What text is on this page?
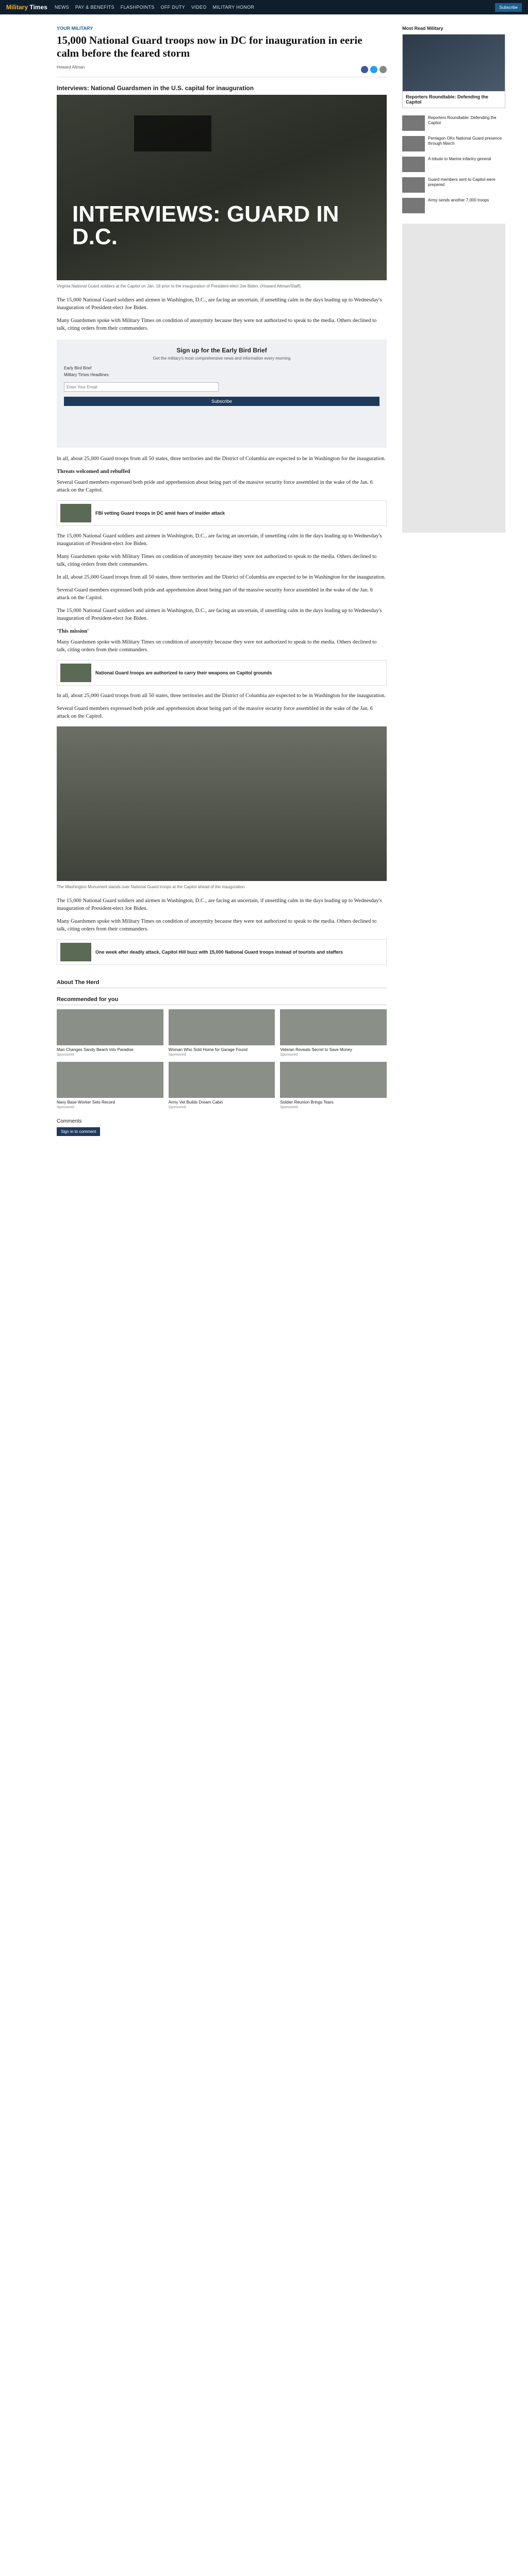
Military Times NEWS PAY & BENEFITS FLASHPOINTS OFF DUTY VIDEO MILITARY HONOR	Subscribe
YOUR MILITARY
15,000 National Guard troops now in DC for inauguration in eerie calm before the feared storm
Howard Altman
Interviews: National Guardsmen in the U.S. capital for inauguration
INTERVIEWS: GUARD IN D.C.
Virginia National Guard soldiers at the Capitol on Jan. 18 prior to the inauguration of President-elect Joe Biden. (Howard Altman/Staff)

The 15,000 National Guard soldiers and airmen in Washington, D.C., are facing an uncertain, if unsettling calm in the days leading up to Wednesday's inauguration of President-elect Joe Biden.

Many Guardsmen spoke with Military Times on condition of anonymity because they were not authorized to speak to the media. Others declined to talk, citing orders from their commanders.

Sign up for the Early Bird Brief
Get the military's most comprehensive news and information every morning
Early Bird Brief
Military Times Headlines
Enter Your Email
Subscribe

In all, about 25,000 Guard troops from all 50 states, three territories and the District of Columbia are expected to be in Washington for the inauguration.

Threats welcomed and rebuffed

Several Guard members expressed both pride and apprehension about being part of the massive security force assembled in the wake of the Jan. 6 attack on the Capitol.

FBI vetting Guard troops in DC amid fears of insider attack

The 15,000 National Guard soldiers and airmen in Washington, D.C., are facing an uncertain, if unsettling calm in the days leading up to Wednesday's inauguration of President-elect Joe Biden.

Many Guardsmen spoke with Military Times on condition of anonymity because they were not authorized to speak to the media. Others declined to talk, citing orders from their commanders.

In all, about 25,000 Guard troops from all 50 states, three territories and the District of Columbia are expected to be in Washington for the inauguration.

Several Guard members expressed both pride and apprehension about being part of the massive security force assembled in the wake of the Jan. 6 attack on the Capitol.

The 15,000 National Guard soldiers and airmen in Washington, D.C., are facing an uncertain, if unsettling calm in the days leading up to Wednesday's inauguration of President-elect Joe Biden.

'This mission'

Many Guardsmen spoke with Military Times on condition of anonymity because they were not authorized to speak to the media. Others declined to talk, citing orders from their commanders.

National Guard troops are authorized to carry their weapons on Capitol grounds

In all, about 25,000 Guard troops from all 50 states, three territories and the District of Columbia are expected to be in Washington for the inauguration.

Several Guard members expressed both pride and apprehension about being part of the massive security force assembled in the wake of the Jan. 6 attack on the Capitol.

The Washington Monument stands over National Guard troops at the Capitol ahead of the inauguration.

The 15,000 National Guard soldiers and airmen in Washington, D.C., are facing an uncertain, if unsettling calm in the days leading up to Wednesday's inauguration of President-elect Joe Biden.

Many Guardsmen spoke with Military Times on condition of anonymity because they were not authorized to speak to the media. Others declined to talk, citing orders from their commanders.

One week after deadly attack, Capitol Hill buzz with 15,000 National Guard troops instead of tourists and staffers
Most Read Military
Reporters Roundtable: Defending the Capitol
Reporters Roundtable: Defending the Capitol
Pentagon OKs National Guard presence through March
A tribute to Marine infantry general
Guard members sent to Capitol were prepared
Army sends another 7,000 troops
About The Herd
Recommended for you
Man Changes Sandy Beach Into Paradise
Sponsored
Woman Who Sold Home for Garage Found
Sponsored
Veteran Reveals Secret to Save Money
Sponsored
Navy Base Worker Sets Record
Sponsored
Army Vet Builds Dream Cabin
Sponsored
Soldier Reunion Brings Tears
Sponsored
Comments
Sign in to comment
